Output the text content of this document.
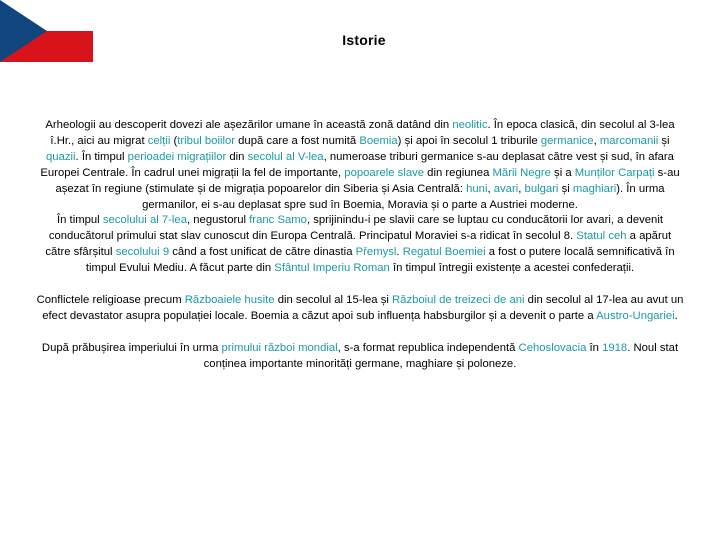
Istorie

Arheologii au descoperit dovezi ale așezărilor umane în această zonă datând din neolitic. În epoca clasică, din secolul al 3-lea î.Hr., aici au migrat celții (tribul boiilor după care a fost numită Boemia) și apoi în secolul 1 triburile germanice, marcomanii și quazii. În timpul perioadei migrațiilor din secolul al V-lea, numeroase triburi germanice s-au deplasat către vest și sud, în afara Europei Centrale. În cadrul unei migrații la fel de importante, popoarele slave din regiunea Mării Negre și a Munților Carpați s-au așezat în regiune (stimulate și de migrația popoarelor din Siberia și Asia Centrală: huni, avari, bulgari și maghiari). În urma germanilor, ei s-au deplasat spre sud în Boemia, Moravia și o parte a Austriei moderne.

În timpul secolului al 7-lea, negustorul franc Samo, sprijinindu-i pe slavii care se luptau cu conducătorii lor avari, a devenit conducătorul primului stat slav cunoscut din Europa Centrală. Principatul Moraviei s-a ridicat în secolul 8. Statul ceh a apărut către sfârșitul secolului 9 când a fost unificat de către dinastia Přemysl. Regatul Boemiei a fost o putere locală semnificativă în timpul Evului Mediu. A făcut parte din Sfântul Imperiu Roman în timpul întregii existențe a acestei confederații.

Conflictele religioase precum Războaiele husite din secolul al 15-lea și Războiul de treizeci de ani din secolul al 17-lea au avut un efect devastator asupra populației locale. Boemia a căzut apoi sub influența habsburgilor și a devenit o parte a Austro-Ungariei.

După prăbușirea imperiului în urma primului război mondial, s-a format republica independentă Cehoslovacia în 1918. Noul stat conținea importante minorități germane, maghiare și poloneze.
